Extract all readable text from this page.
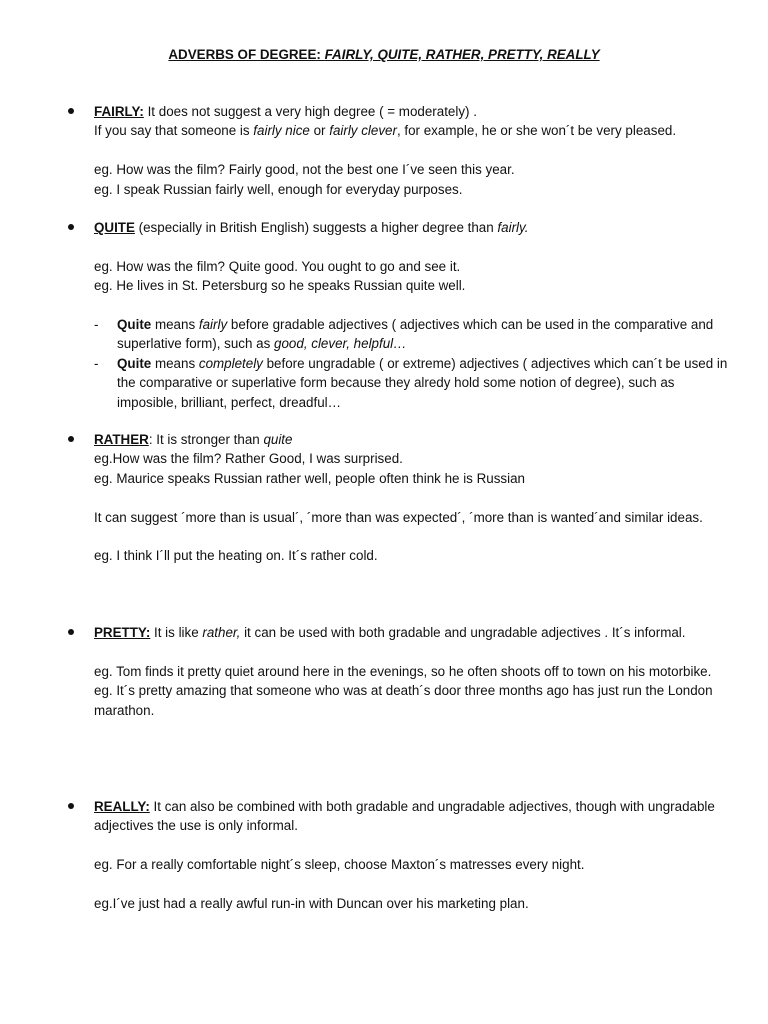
ADVERBS OF DEGREE: FAIRLY, QUITE, RATHER, PRETTY, REALLY

FAIRLY: It does not suggest a very high degree ( = moderately) .

If you say that someone is fairly nice or fairly clever, for example, he or she won´t be very pleased.

eg. How was the film? Fairly good, not the best one I´ve seen this year.

eg. I speak Russian fairly well, enough for everyday purposes.

QUITE (especially in British English) suggests a higher degree than fairly.

eg. How was the film? Quite good. You ought to go and see it.

eg. He lives in St. Petersburg so he speaks Russian quite well.

- Quite means fairly before gradable adjectives ( adjectives which can be used in the comparative and superlative form), such as good, clever, helpful…
- Quite means completely before ungradable ( or extreme) adjectives ( adjectives which can´t be used in the comparative or superlative form because they alredy hold some notion of degree), such as imposible, brilliant, perfect, dreadful…

RATHER: It is stronger than quite

eg.How was the film? Rather Good, I was surprised.

eg. Maurice speaks Russian rather well, people often think he is Russian

It can suggest ´more than is usual´, ´more than was expected´, ´more than is wanted´and similar ideas.

eg. I think I´ll put the heating on. It´s rather cold.

PRETTY: It is like rather, it can be used with both gradable and ungradable adjectives . It´s informal.

eg. Tom finds it pretty quiet around here in the evenings, so he often shoots off to town on his motorbike.

eg. It´s pretty amazing that someone who was at death´s door three months ago has just run the London marathon.

REALLY: It can also be combined with both gradable and ungradable adjectives, though with ungradable adjectives the use is only informal.

eg. For a really comfortable night´s sleep, choose Maxton´s matresses every night.

eg.I´ve just had a really awful run-in with Duncan over his marketing plan.
